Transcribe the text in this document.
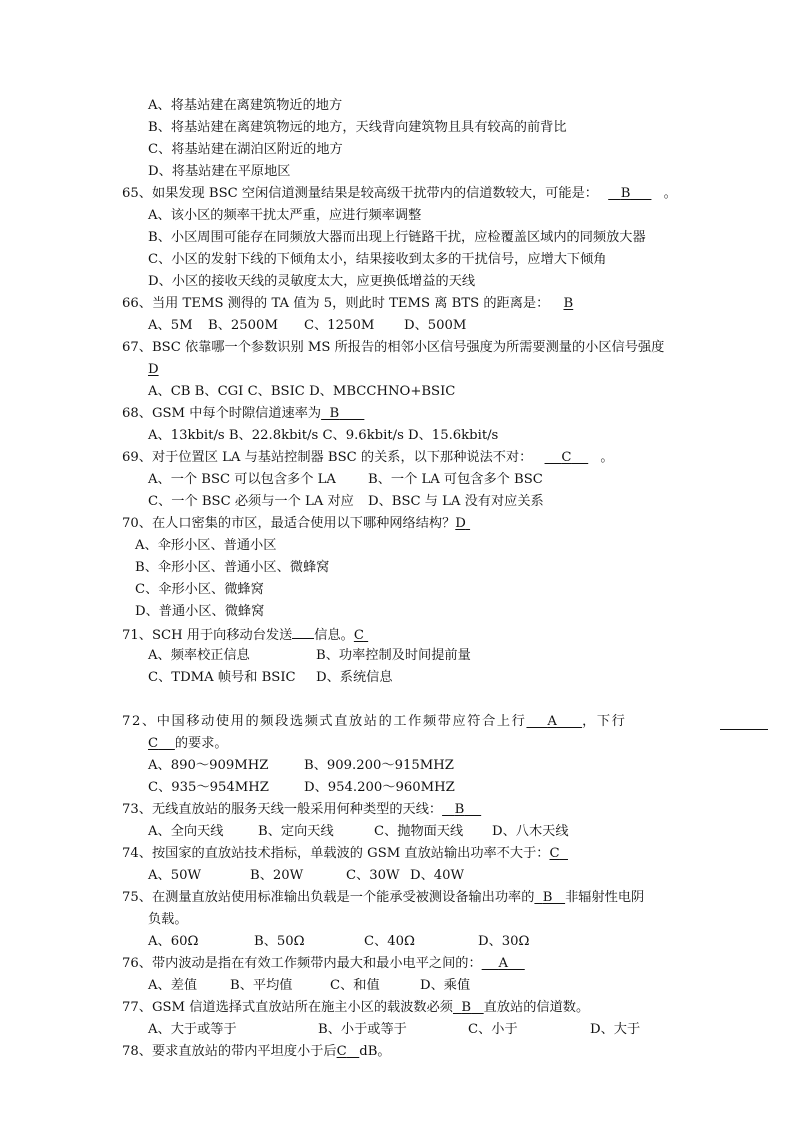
A、将基站建在离建筑物近的地方
B、将基站建在离建筑物远的地方，天线背向建筑物且具有较高的前背比
C、将基站建在湖泊区附近的地方
D、将基站建在平原地区
65、如果发现 BSC 空闲信道测量结果是较高级干扰带内的信道数较大，可能是： B	。
A、该小区的频率干扰太严重，应进行频率调整
B、小区周围可能存在同频放大器而出现上行链路干扰，应检覆盖区域内的同频放大器
C、小区的发射下线的下倾角太小，结果接收到太多的干扰信号，应增大下倾角
D、小区的接收天线的灵敏度太大，应更换低增益的天线
66、当用 TEMS 测得的 TA 值为 5，则此时 TEMS 离 BTS 的距离是： B
A、5M B、2500M C、1250M D、500M
67、BSC 依靠哪一个参数识别 MS 所报告的相邻小区信号强度为所需要测量的小区信号强度
D
A、CB B、CGI C、BSIC D、MBCCHNO+BSIC
68、GSM 中每个时隙信道速率为 B
A、13kbit/s B、22.8kbit/s C、9.6kbit/s D、15.6kbit/s
69、对于位置区 LA 与基站控制器 BSC 的关系，以下那种说法不对： C 。
A、一个 BSC 可以包含多个 LA B、一个 LA 可包含多个 BSC
C、一个 BSC 必须与一个 LA 对应 D、BSC 与 LA 没有对应关系
70、在人口密集的市区，最适合使用以下哪种网络结构？D
A、伞形小区、普通小区
B、伞形小区、普通小区、微蜂窝
C、伞形小区、微蜂窝
D、普通小区、微蜂窝
71、SCH 用于向移动台发送 信息。C
A、频率校正信息	B、功率控制及时间提前量
C、TDMA 帧号和 BSIC D、系统信息
72、中国移动使用的频段选频式直放站的工作频带应符合上行 A ，下行
C 的要求。
A、890～909MHZ	B、909.200～915MHZ
C、935～954MHZ	D、954.200～960MHZ
73、无线直放站的服务天线一般采用何种类型的天线： B
A、全向天线	B、定向天线	C、抛物面天线 D、八木天线
74、按国家的直放站技术指标，单载波的 GSM 直放站输出功率不大于：C
A、50W	B、20W	C、30W D、40W
75、在测量直放站使用标准输出负载是一个能承受被测设备输出功率的 B 非辐射性电阴
负载。
A、60Ω	B、50Ω	C、40Ω	D、30Ω
76、带内波动是指在有效工作频带内最大和最小电平之间的： A
A、差值 B、平均值	C、和值	D、乘值
77、GSM 信道选择式直放站所在施主小区的载波数必须 B 直放站的信道数。
A、大于或等于	B、小于或等于	C、小于	D、大于
78、要求直放站的带内平坦度小于后C dB。
